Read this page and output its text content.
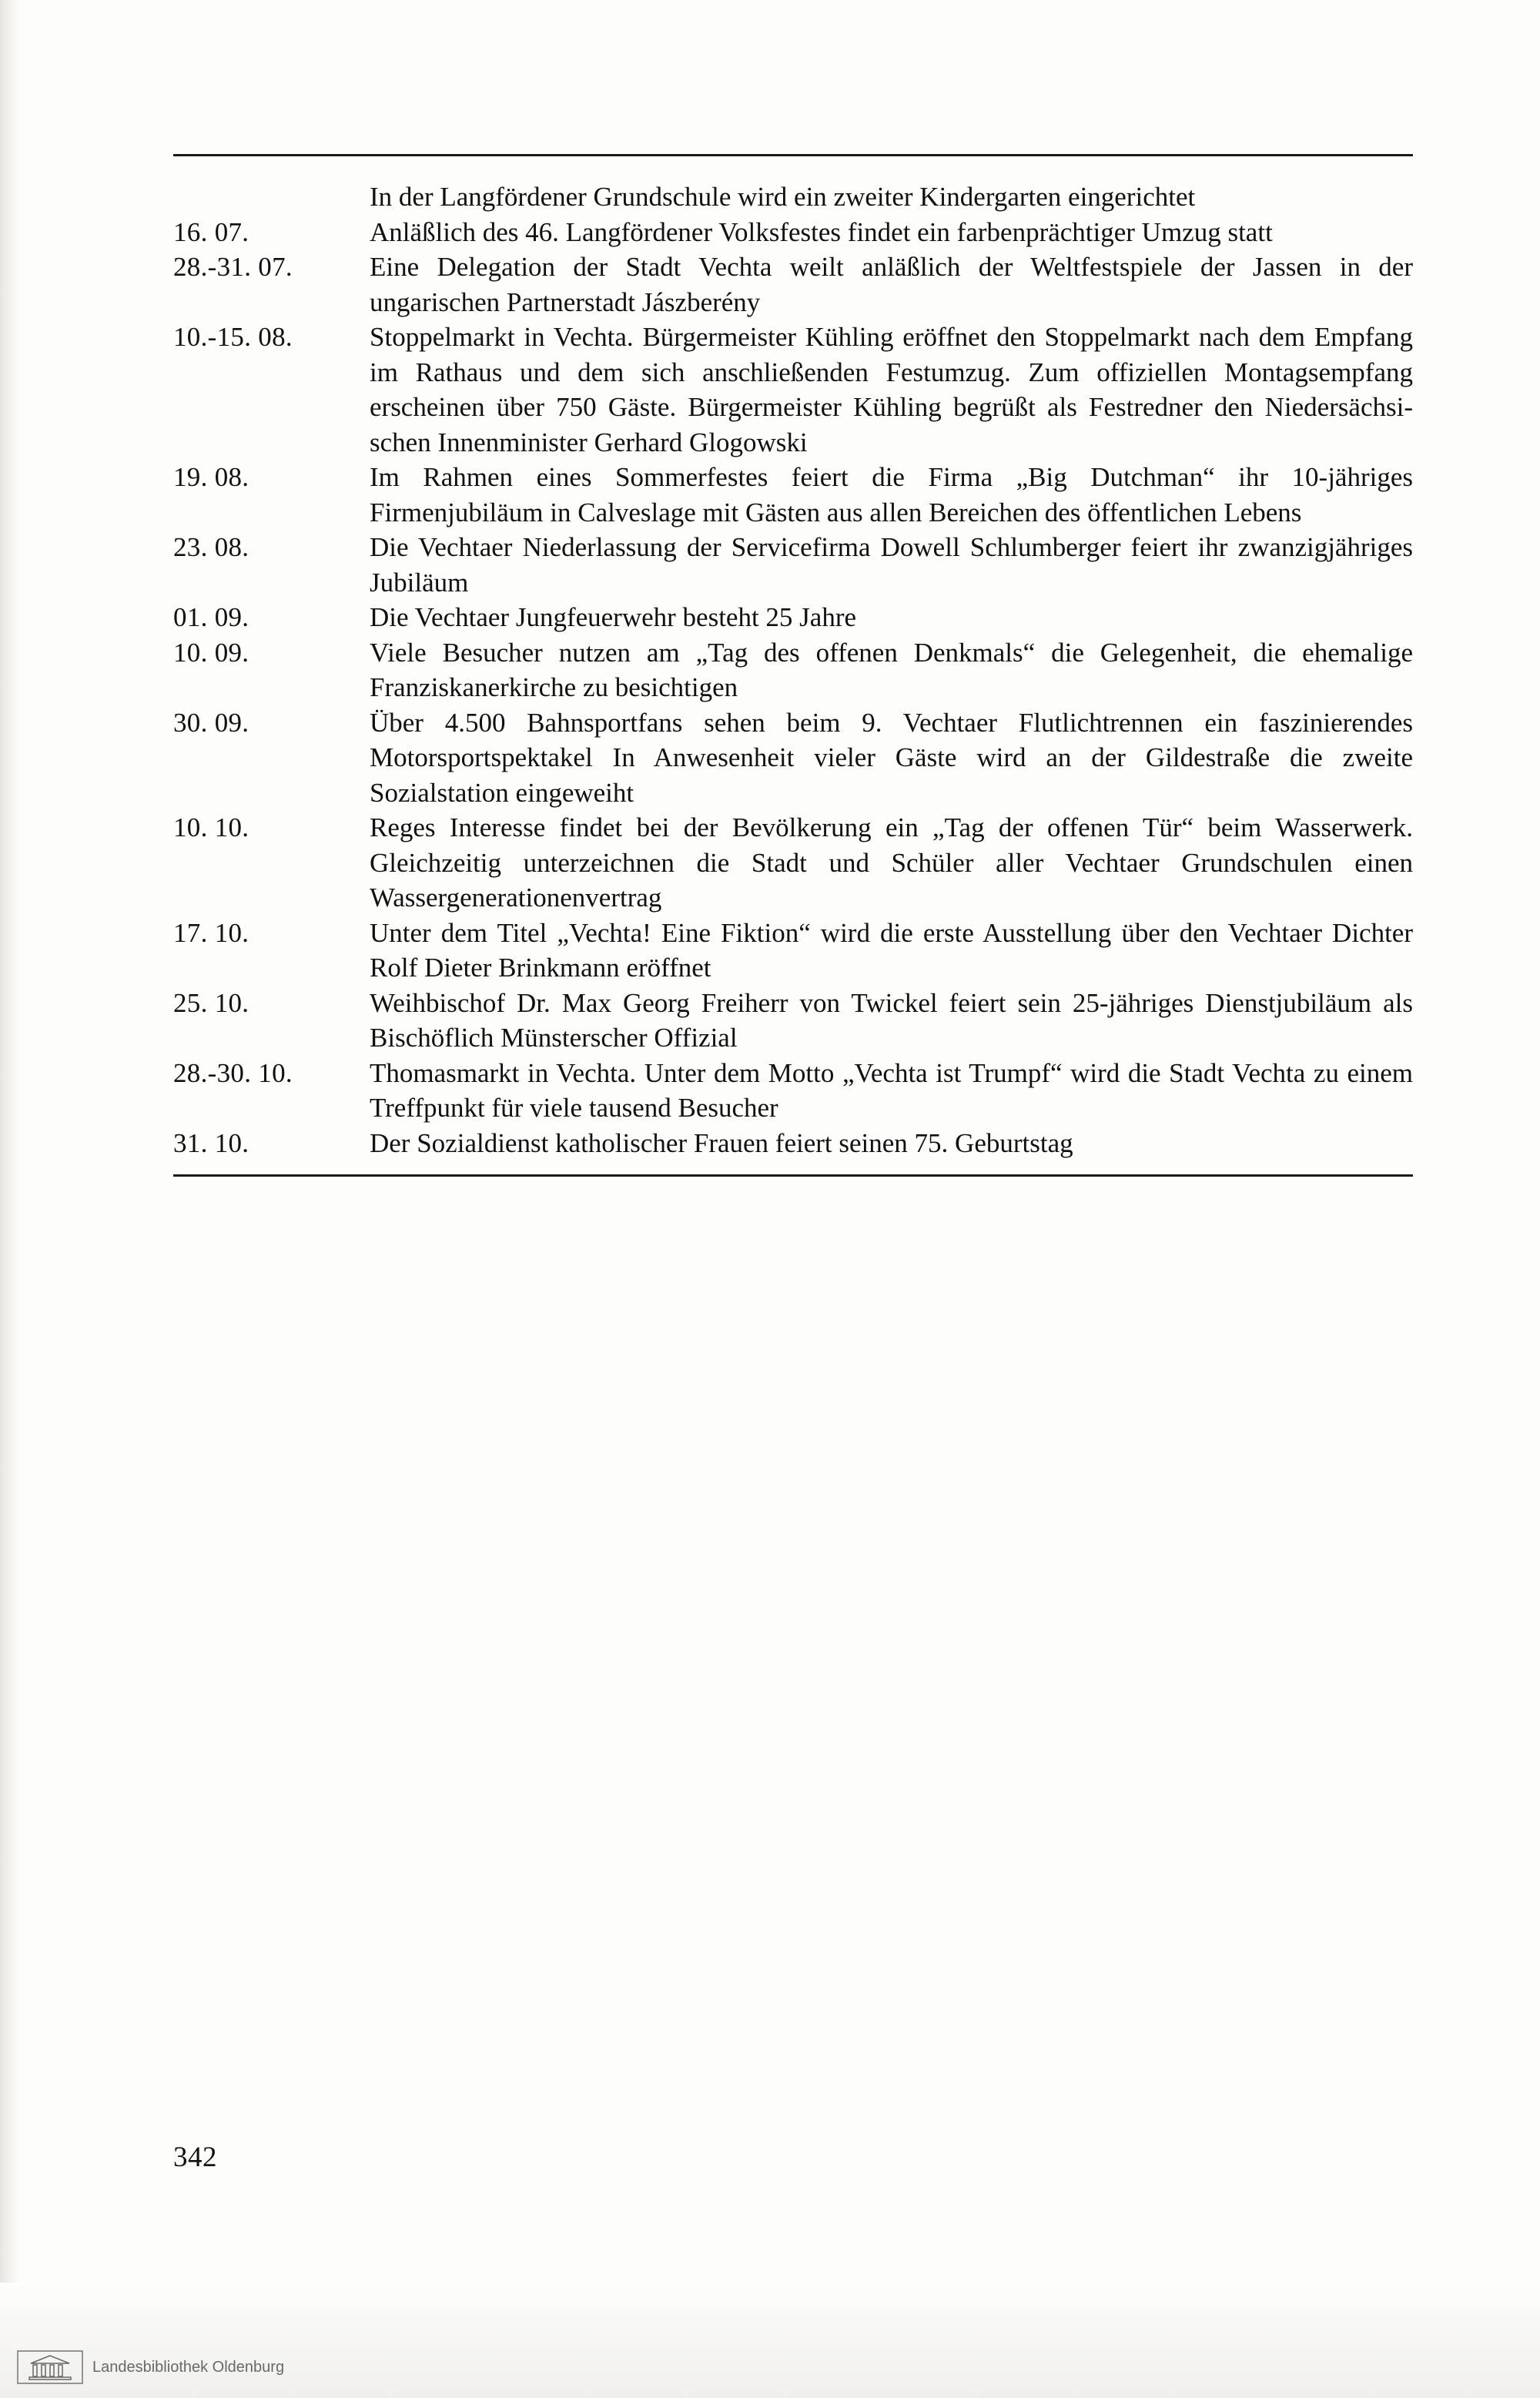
	In der Langfördener Grundschule wird ein zweiter Kindergarten eingerichtet
16. 07.	Anläßlich des 46. Langfördener Volksfestes findet ein farbenprächtiger Umzug statt
28.-31. 07.	Eine Delegation der Stadt Vechta weilt anläßlich der Weltfestspiele der Jassen in der ungarischen Partnerstadt Jászberény
10.-15. 08.	Stoppelmarkt in Vechta. Bürgermeister Kühling eröffnet den Stoppelmarkt nach dem Empfang im Rathaus und dem sich anschließenden Festumzug. Zum offiziellen Montagsempfang erscheinen über 750 Gäste. Bürgermeister Kühling begrüßt als Festredner den Niedersächsischen Innenminister Gerhard Glogowski
19. 08.	Im Rahmen eines Sommerfestes feiert die Firma „Big Dutchman“ ihr 10-jähriges Firmenjubiläum in Calveslage mit Gästen aus allen Bereichen des öffentlichen Lebens
23. 08.	Die Vechtaer Niederlassung der Servicefirma Dowell Schlumberger feiert ihr zwanzigjähriges Jubiläum
01. 09.	Die Vechtaer Jungfeuerwehr besteht 25 Jahre
10. 09.	Viele Besucher nutzen am „Tag des offenen Denkmals“ die Gelegenheit, die ehemalige Franziskanerkirche zu besichtigen
30. 09.	Über 4.500 Bahnsportfans sehen beim 9. Vechtaer Flutlichtrennen ein faszinierendes Motorsportspektakel In Anwesenheit vieler Gäste wird an der Gildestraße die zweite Sozialstation eingeweiht
10. 10.	Reges Interesse findet bei der Bevölkerung ein „Tag der offenen Tür“ beim Wasserwerk. Gleichzeitig unterzeichnen die Stadt und Schüler aller Vechtaer Grundschulen einen Wassergenerationenvertrag
17. 10.	Unter dem Titel „Vechta! Eine Fiktion“ wird die erste Ausstellung über den Vechtaer Dichter Rolf Dieter Brinkmann eröffnet
25. 10.	Weihbischof Dr. Max Georg Freiherr von Twickel feiert sein 25-jähriges Dienstjubiläum als Bischöflich Münsterscher Offizial
28.-30. 10.	Thomasmarkt in Vechta. Unter dem Motto „Vechta ist Trumpf“ wird die Stadt Vechta zu einem Treffpunkt für viele tausend Besucher
31. 10.	Der Sozialdienst katholischer Frauen feiert seinen 75. Geburtstag
342
Landesbibliothek Oldenburg
